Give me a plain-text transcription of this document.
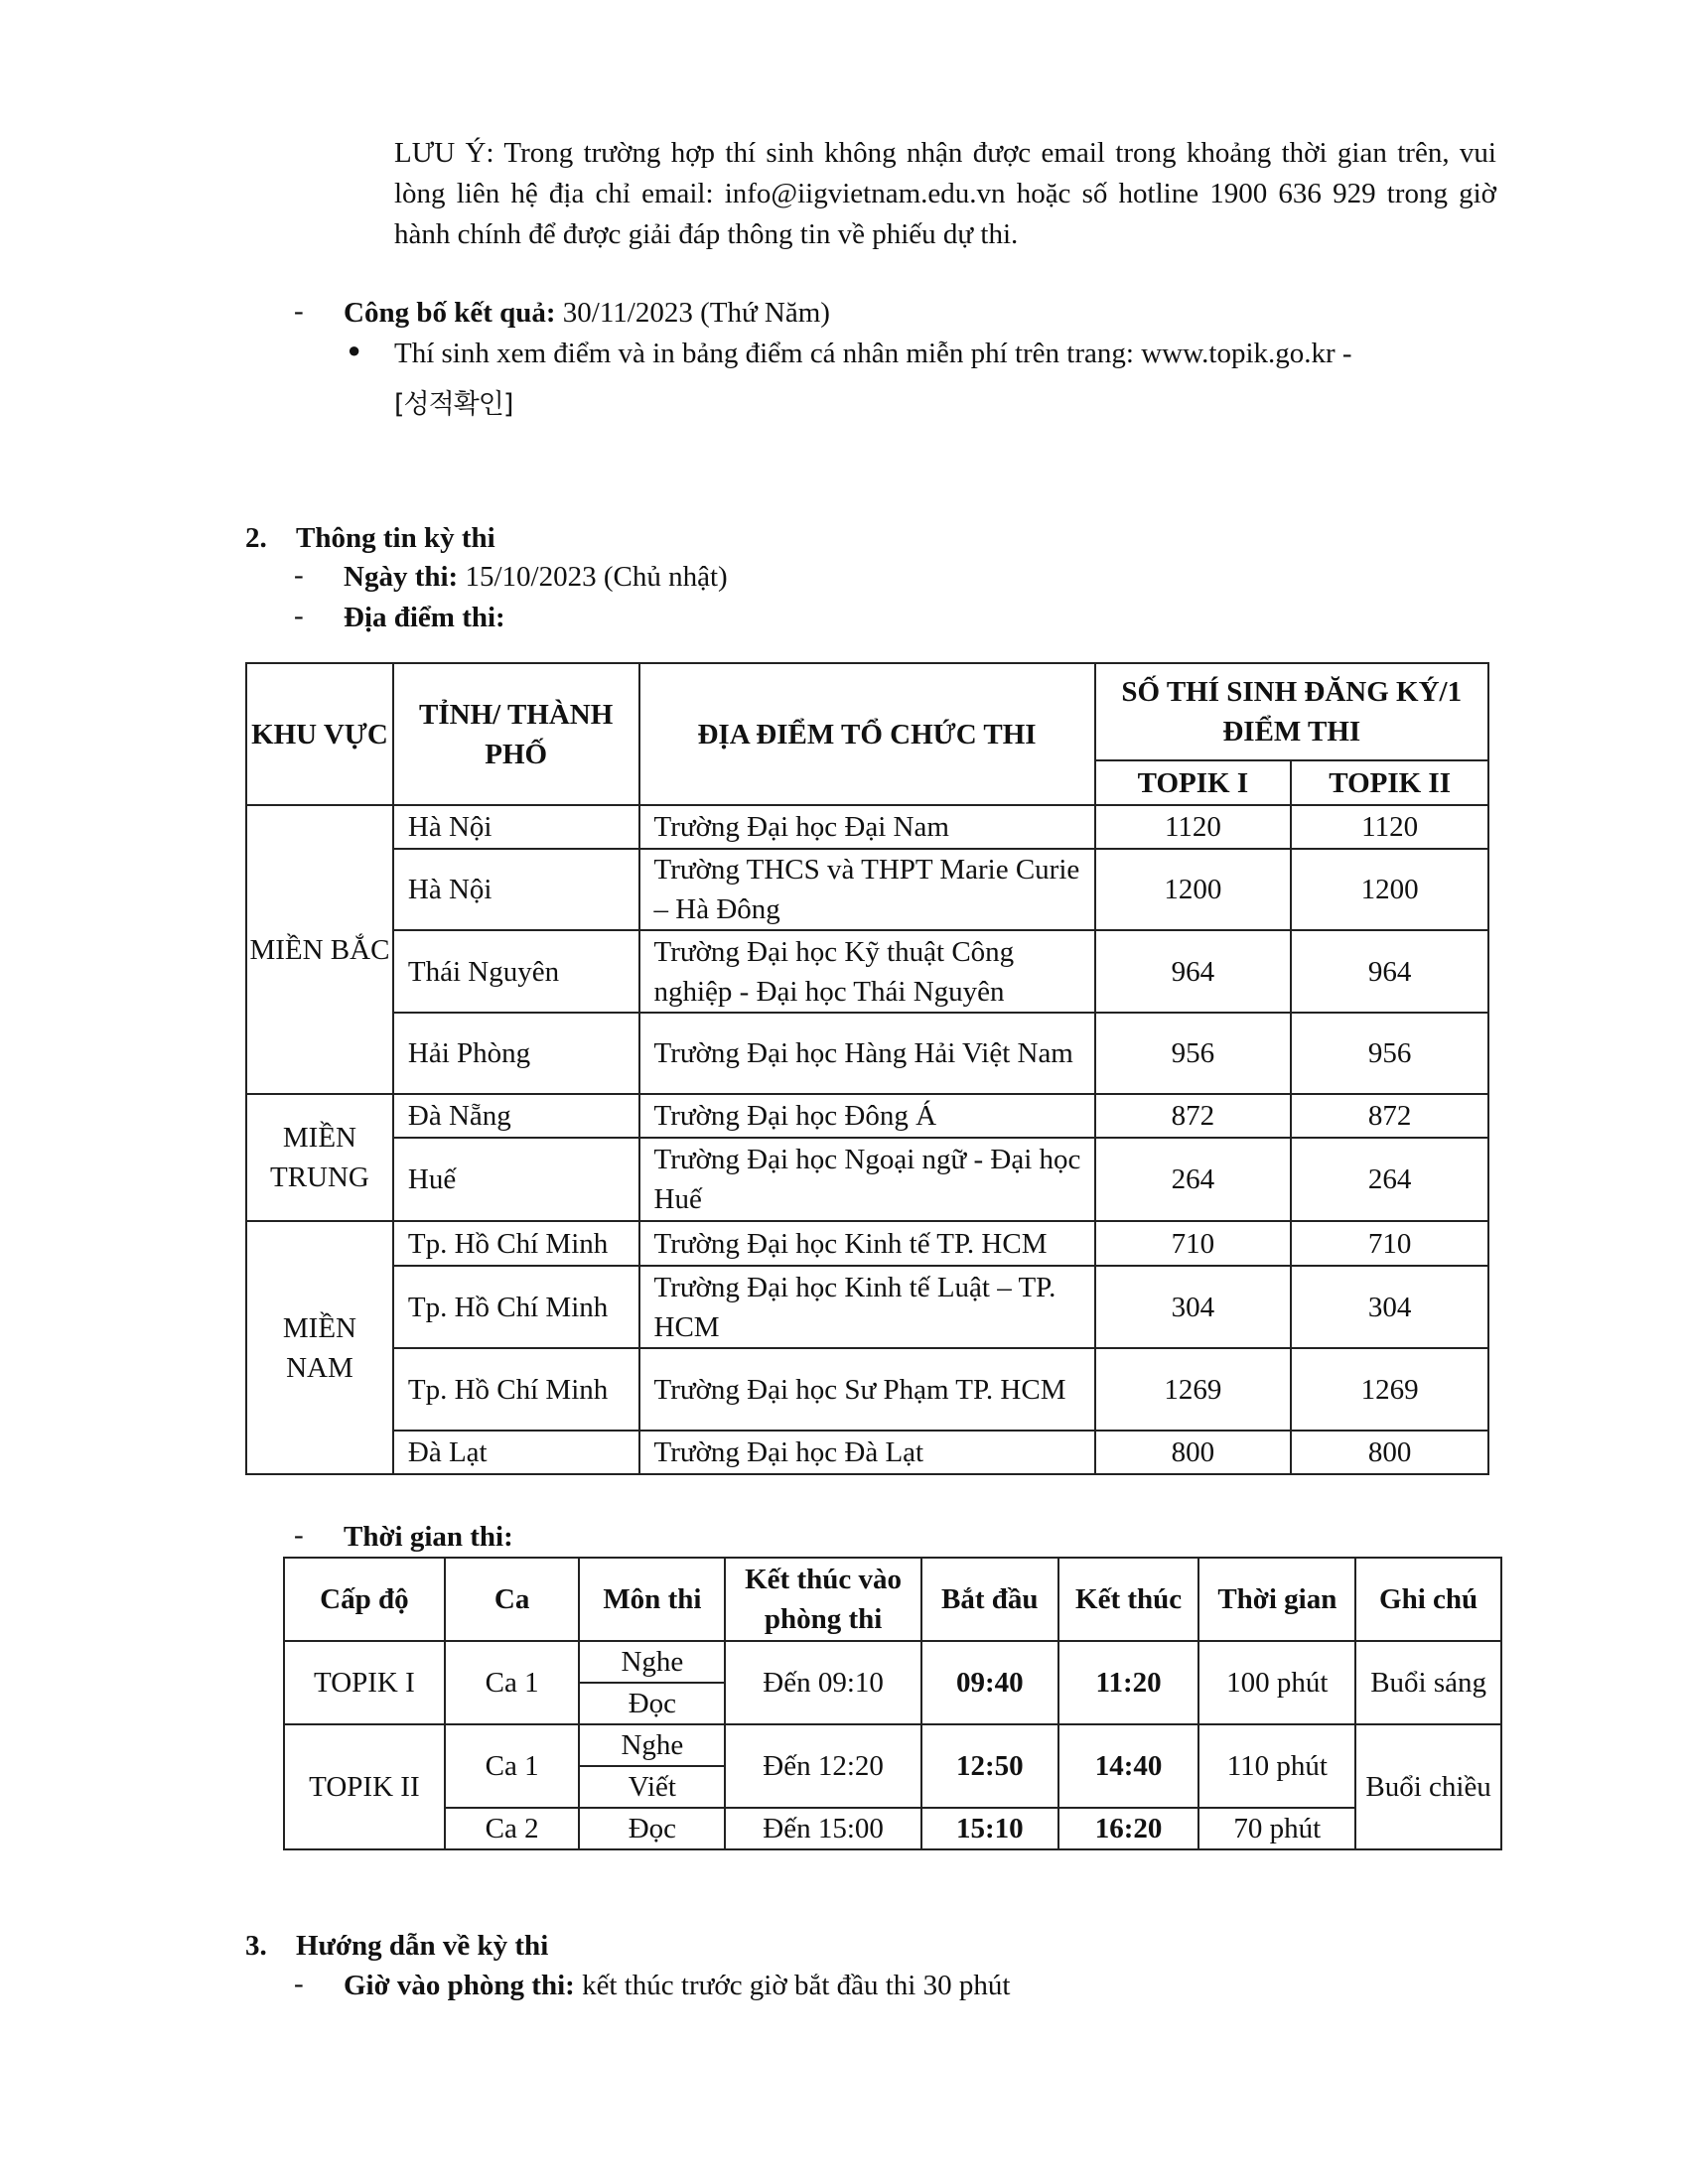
LƯU Ý: Trong trường hợp thí sinh không nhận được email trong khoảng thời gian trên, vui lòng liên hệ địa chỉ email: info@iigvietnam.edu.vn hoặc số hotline 1900 636 929 trong giờ hành chính để được giải đáp thông tin về phiếu dự thi.
- Công bố kết quả: 30/11/2023 (Thứ Năm)
● Thí sinh xem điểm và in bảng điểm cá nhân miễn phí trên trang: www.topik.go.kr -
[성적확인]
2. Thông tin kỳ thi
- Ngày thi: 15/10/2023 (Chủ nhật)
- Địa điểm thi:
KHU VỰC	TỈNH/ THÀNH PHỐ	ĐỊA ĐIỂM TỔ CHỨC THI	SỐ THÍ SINH ĐĂNG KÝ/1 ĐIỂM THI	
			TOPIK I	TOPIK II
MIỀN BẮC	Hà Nội	Trường Đại học Đại Nam	1120	1120
	Hà Nội	Trường THCS và THPT Marie Curie – Hà Đông	1200	1200
	Thái Nguyên	Trường Đại học Kỹ thuật Công nghiệp - Đại học Thái Nguyên	964	964
	Hải Phòng	Trường Đại học Hàng Hải Việt Nam	956	956
MIỀN TRUNG	Đà Nẵng	Trường Đại học Đông Á	872	872
	Huế	Trường Đại học Ngoại ngữ - Đại học Huế	264	264
MIỀN NAM	Tp. Hồ Chí Minh	Trường Đại học Kinh tế TP. HCM	710	710
	Tp. Hồ Chí Minh	Trường Đại học Kinh tế Luật – TP. HCM	304	304
	Tp. Hồ Chí Minh	Trường Đại học Sư Phạm TP. HCM	1269	1269
	Đà Lạt	Trường Đại học Đà Lạt	800	800
- Thời gian thi:
Cấp độ	Ca	Môn thi	Kết thúc vào phòng thi	Bắt đầu	Kết thúc	Thời gian	Ghi chú
TOPIK I	Ca 1	Nghe	Đến 09:10	09:40	11:20	100 phút	Buổi sáng
		Đọc					
TOPIK II	Ca 1	Nghe	Đến 12:20	12:50	14:40	110 phút	Buổi chiều
		Viết					
	Ca 2	Đọc	Đến 15:00	15:10	16:20	70 phút	
3. Hướng dẫn về kỳ thi
- Giờ vào phòng thi: kết thúc trước giờ bắt đầu thi 30 phút
